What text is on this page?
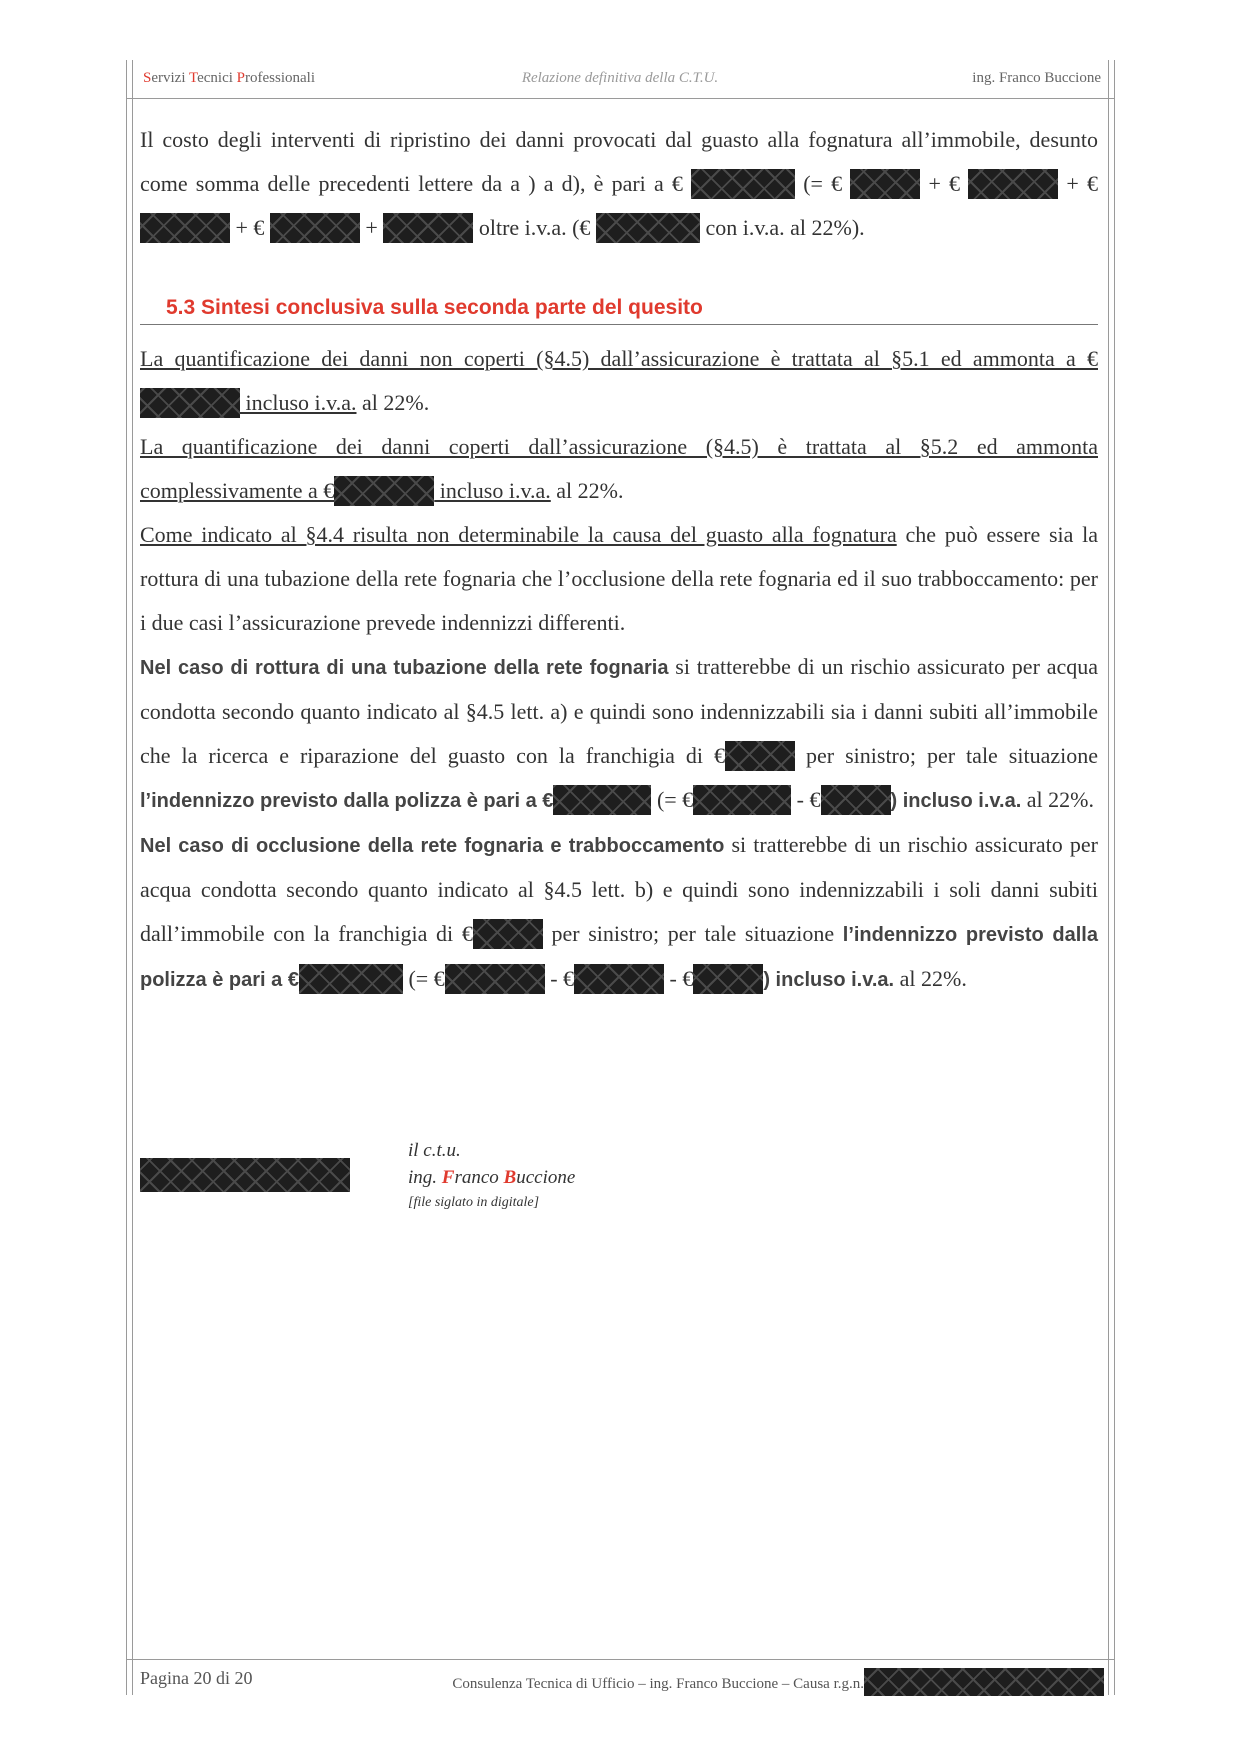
Servizi Tecnici Professionali	Relazione definitiva della C.T.U.	ing. Franco Buccione

Il costo degli interventi di ripristino dei danni provocati dal guasto alla fognatura all’immobile, desunto come somma delle precedenti lettere da a ) a d), è pari a €	(= €	+ €	+ €  + €	+	oltre i.v.a. (€	con i.v.a. al 22%).

5.3 Sintesi conclusiva sulla seconda parte del quesito

La quantificazione dei danni non coperti (§4.5) dall’assicurazione è trattata al §5.1 ed ammonta a € incluso i.v.a. al 22%.

La quantificazione dei danni coperti dall’assicurazione (§4.5) è trattata al §5.2 ed ammonta complessivamente a €	incluso i.v.a. al 22%.

Come indicato al §4.4 risulta non determinabile la causa del guasto alla fognatura che può essere sia la rottura di una tubazione della rete fognaria che l’occlusione della rete fognaria ed il suo trabboccamento: per i due casi l’assicurazione prevede indennizzi differenti.

Nel caso di rottura di una tubazione della rete fognaria si tratterebbe di un rischio assicurato per acqua condotta secondo quanto indicato al §4.5 lett. a) e quindi sono indennizzabili sia i danni subiti all’immobile che la ricerca e riparazione del guasto con la franchigia di €	per sinistro; per tale situazione l’indennizzo previsto dalla polizza è pari a €	(= €	- €	) incluso i.v.a. al 22%.

Nel caso di occlusione della rete fognaria e trabboccamento si tratterebbe di un rischio assicurato per acqua condotta secondo quanto indicato al §4.5 lett. b) e quindi sono indennizzabili i soli danni subiti dall’immobile con la franchigia di €	per sinistro; per tale situazione l’indennizzo previsto dalla polizza è pari a €	(= €	- €	- €	) incluso i.v.a. al 22%.

il c.t.u.
ing. Franco Buccione
[file siglato in digitale]
Pagina 20 di 20	Consulenza Tecnica di Ufficio – ing. Franco Buccione – Causa r.g.n.
